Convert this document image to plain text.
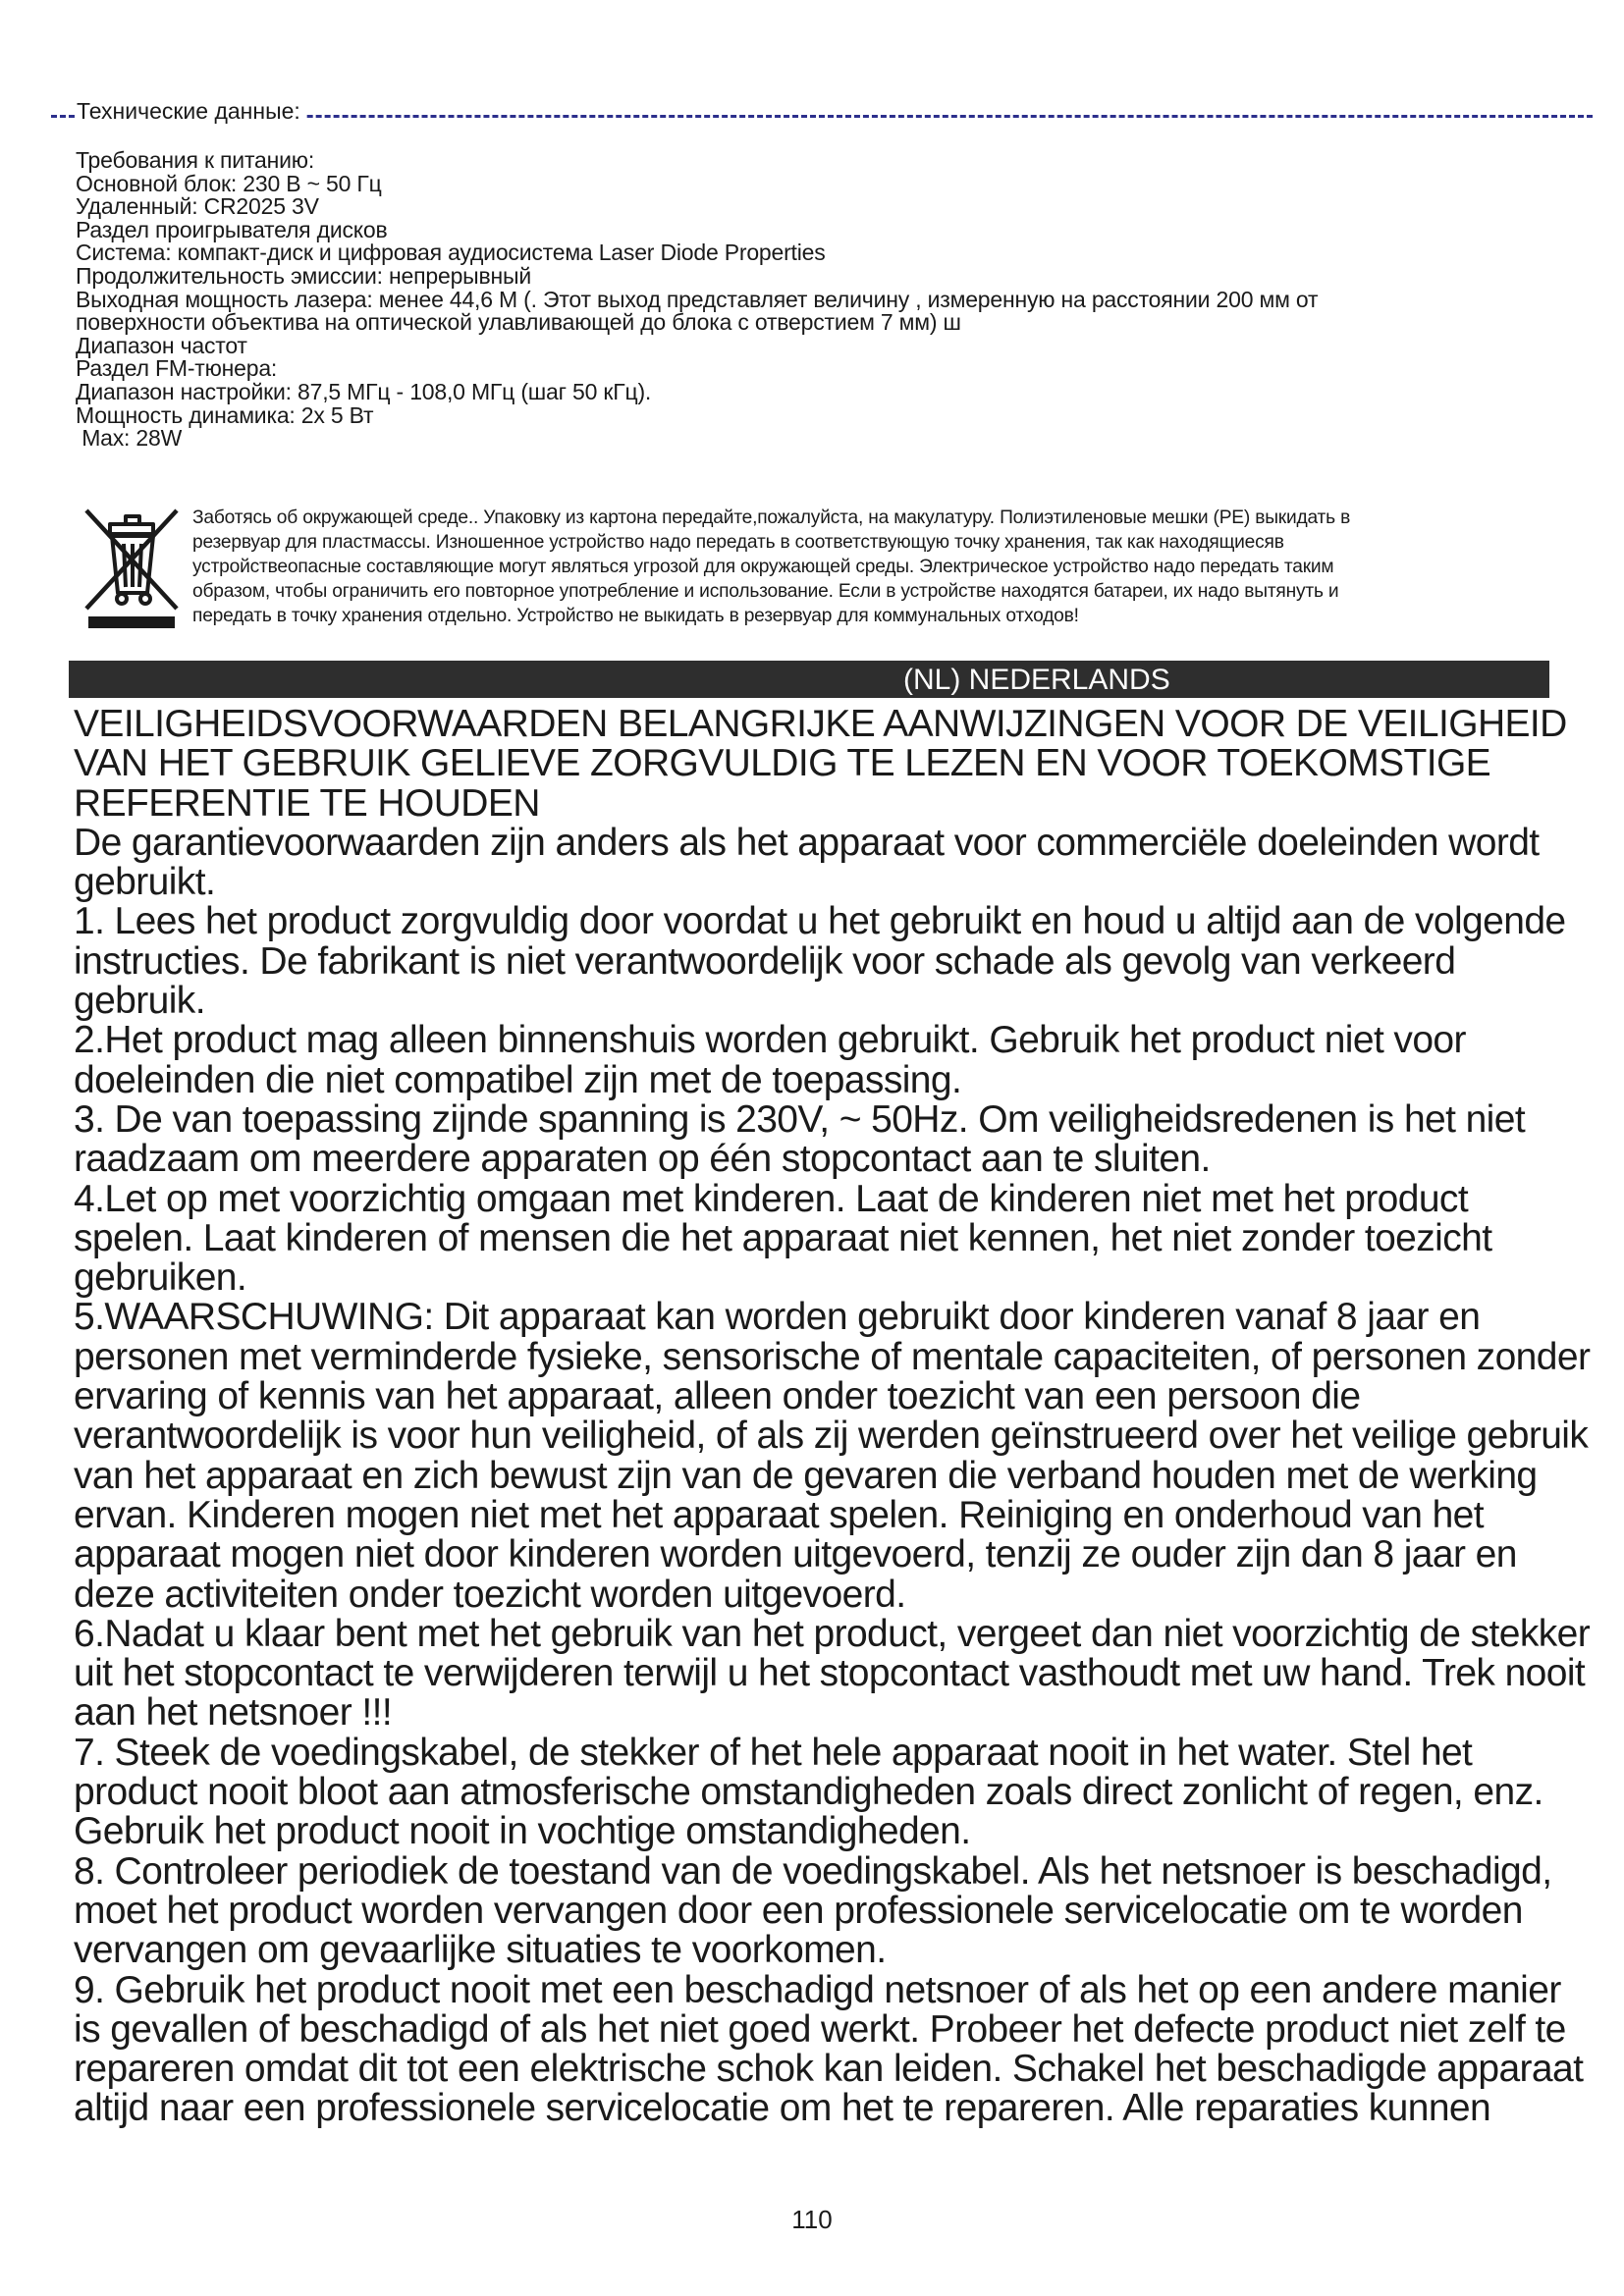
Технические данные:
Требования к питанию:
Основной блок: 230 В ~ 50 Гц
Удаленный: CR2025 3V
Раздел проигрывателя дисков
Система: компакт-диск и цифровая аудиосистема Laser Diode Properties
Продолжительность эмиссии: непрерывный
Выходная мощность лазера: менее 44,6 М (. Этот выход представляет величину , измеренную на расстоянии 200 мм от
поверхности объектива на оптической улавливающей до блока с отверстием 7 мм) ш
Диапазон частот
Раздел FM-тюнера:
Диапазон настройки: 87,5 МГц - 108,0 МГц (шаг 50 кГц).
Мощность динамика: 2x 5 Вт
Max: 28W
Заботясь об окружающей среде.. Упаковку из картона передайте,пожалуйста, на макулатуру. Полиэтиленовые мешки (PE) выкидать в
резервуар для пластмассы. Изношенное устройство надо передать в соответствующую точку хранения, так как находящиесяв
устройствеопасные составляющие могут являться угрозой для окружающей среды. Электрическое устройство надо передать таким
образом, чтобы ограничить его повторное употребление и использование. Если в устройстве находятся батареи, их надо вытянуть и
передать в точку хранения отдельно. Устройство не выкидать в резервуар для коммунальных отходов!
(NL) NEDERLANDS
VEILIGHEIDSVOORWAARDEN BELANGRIJKE AANWIJZINGEN VOOR DE VEILIGHEID
VAN HET GEBRUIK GELIEVE ZORGVULDIG TE LEZEN EN VOOR TOEKOMSTIGE
REFERENTIE TE HOUDEN
De garantievoorwaarden zijn anders als het apparaat voor commerciële doeleinden wordt
gebruikt.
1. Lees het product zorgvuldig door voordat u het gebruikt en houd u altijd aan de volgende
instructies. De fabrikant is niet verantwoordelijk voor schade als gevolg van verkeerd
gebruik.
2.Het product mag alleen binnenshuis worden gebruikt. Gebruik het product niet voor
doeleinden die niet compatibel zijn met de toepassing.
3. De van toepassing zijnde spanning is 230V, ~ 50Hz. Om veiligheidsredenen is het niet
raadzaam om meerdere apparaten op één stopcontact aan te sluiten.
4.Let op met voorzichtig omgaan met kinderen. Laat de kinderen niet met het product
spelen. Laat kinderen of mensen die het apparaat niet kennen, het niet zonder toezicht
gebruiken.
5.WAARSCHUWING: Dit apparaat kan worden gebruikt door kinderen vanaf 8 jaar en
personen met verminderde fysieke, sensorische of mentale capaciteiten, of personen zonder
ervaring of kennis van het apparaat, alleen onder toezicht van een persoon die
verantwoordelijk is voor hun veiligheid, of als zij werden geïnstrueerd over het veilige gebruik
van het apparaat en zich bewust zijn van de gevaren die verband houden met de werking
ervan. Kinderen mogen niet met het apparaat spelen. Reiniging en onderhoud van het
apparaat mogen niet door kinderen worden uitgevoerd, tenzij ze ouder zijn dan 8 jaar en
deze activiteiten onder toezicht worden uitgevoerd.
6.Nadat u klaar bent met het gebruik van het product, vergeet dan niet voorzichtig de stekker
uit het stopcontact te verwijderen terwijl u het stopcontact vasthoudt met uw hand. Trek nooit
aan het netsnoer !!!
7. Steek de voedingskabel, de stekker of het hele apparaat nooit in het water. Stel het
product nooit bloot aan atmosferische omstandigheden zoals direct zonlicht of regen, enz.
Gebruik het product nooit in vochtige omstandigheden.
8. Controleer periodiek de toestand van de voedingskabel. Als het netsnoer is beschadigd,
moet het product worden vervangen door een professionele servicelocatie om te worden
vervangen om gevaarlijke situaties te voorkomen.
9. Gebruik het product nooit met een beschadigd netsnoer of als het op een andere manier
is gevallen of beschadigd of als het niet goed werkt. Probeer het defecte product niet zelf te
repareren omdat dit tot een elektrische schok kan leiden. Schakel het beschadigde apparaat
altijd naar een professionele servicelocatie om het te repareren. Alle reparaties kunnen
110
